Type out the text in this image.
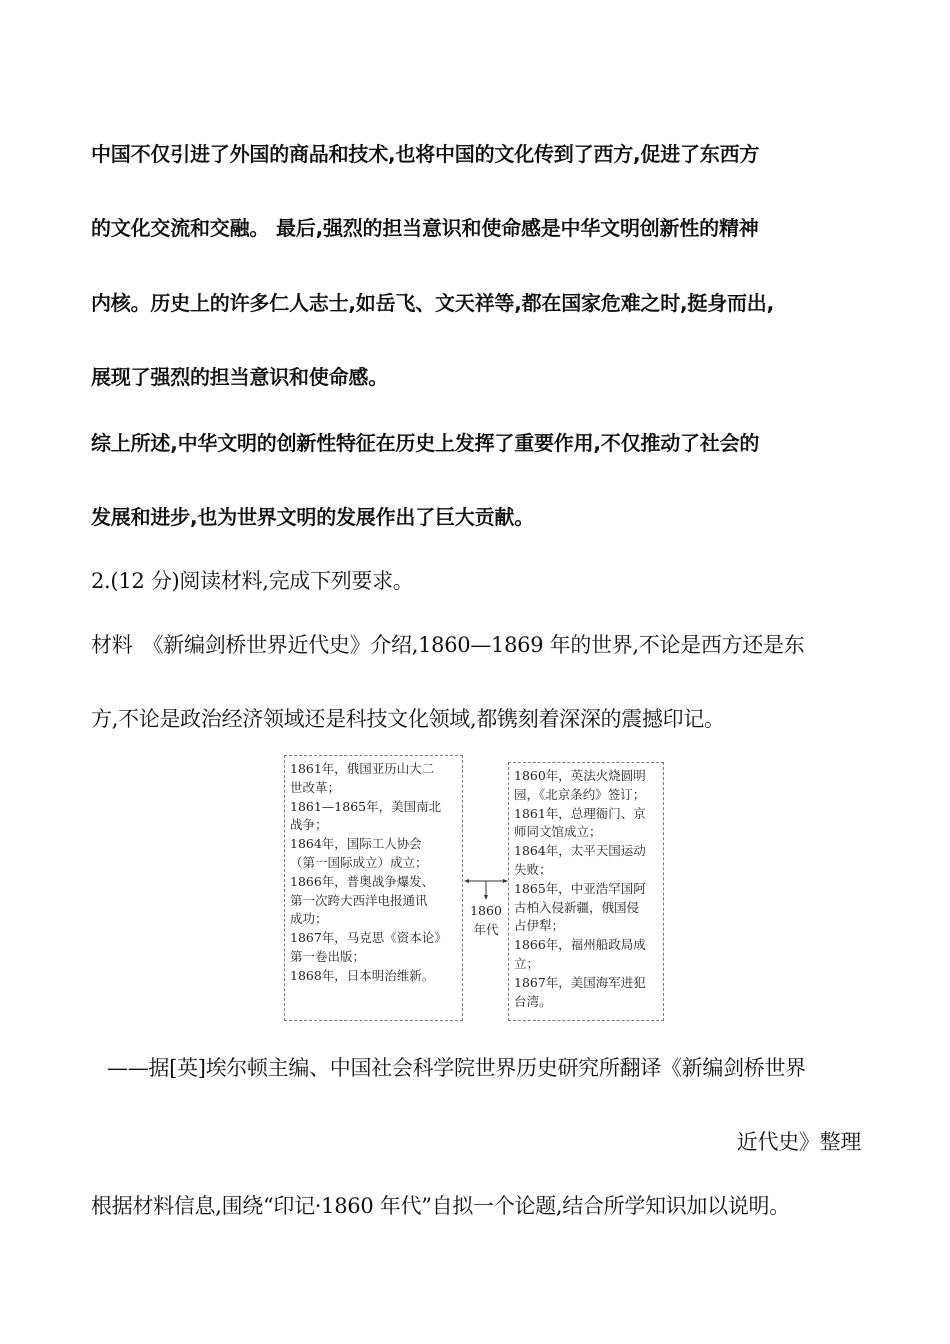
中国不仅引进了外国的商品和技术,也将中国的文化传到了西方,促进了东西方
的文化交流和交融。 最后,强烈的担当意识和使命感是中华文明创新性的精神
内核。历史上的许多仁人志士,如岳飞、文天祥等,都在国家危难之时,挺身而出,
展现了强烈的担当意识和使命感。
综上所述,中华文明的创新性特征在历史上发挥了重要作用,不仅推动了社会的
发展和进步,也为世界文明的发展作出了巨大贡献。
2.(12 分)阅读材料,完成下列要求。
材料　《新编剑桥世界近代史》介绍,1860—1869 年的世界,不论是西方还是东
方,不论是政治经济领域还是科技文化领域,都镌刻着深深的震撼印记。

1861年，俄国亚历山大二

世改革；

1861—1865年，美国南北

战争；

1864年，国际工人协会

（第一国际成立）成立；

1866年，普奥战争爆发、

第一次跨大西洋电报通讯

成功；

1867年，马克思《资本论》

第一卷出版；

1868年，日本明治维新。

1860
年代

1860年，英法火烧圆明

园，《北京条约》签订；

1861年，总理衙门、京

师同文馆成立；

1864年，太平天国运动

失败；

1865年，中亚浩罕国阿

古柏入侵新疆，俄国侵

占伊犁；

1866年，福州船政局成

立；

1867年，美国海军进犯

台湾。

——据[英]埃尔顿主编、中国社会科学院世界历史研究所翻译《新编剑桥世界
近代史》整理
根据材料信息,围绕“印记·1860 年代”自拟一个论题,结合所学知识加以说明。
